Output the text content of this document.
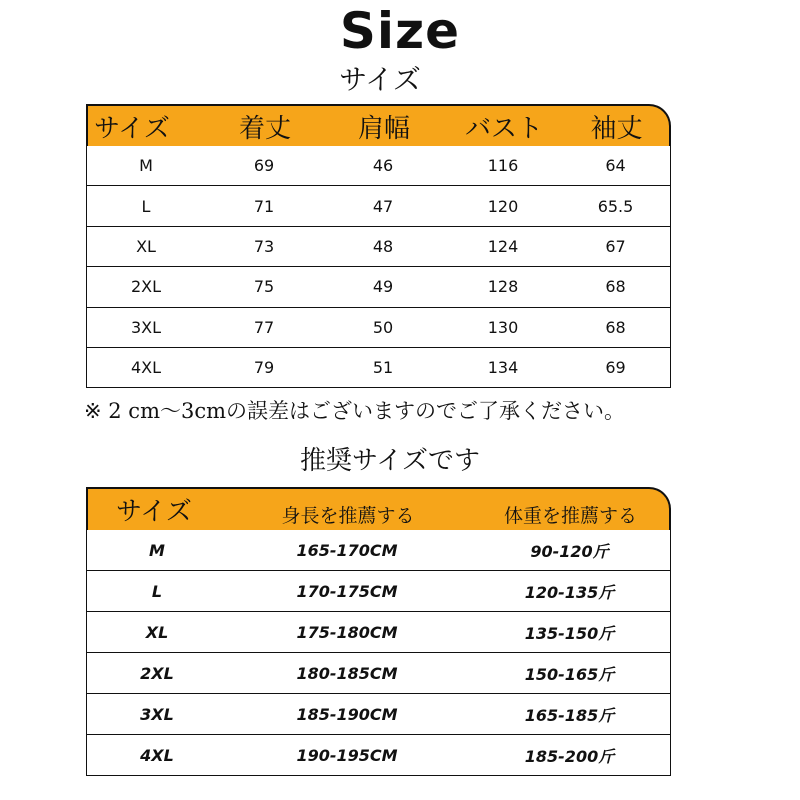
Size
サイズ
サイズ	着丈	肩幅	バスト	袖丈
M	69	46	116	64
L	71	47	120	65.5
XL	73	48	124	67
2XL	75	49	128	68
3XL	77	50	130	68
4XL	79	51	134	69
※ 2 cm〜3cmの誤差はございますのでご了承ください。
推奨サイズです
サイズ	身長を推薦する	体重を推薦する
M	165-170CM	90-120斤
L	170-175CM	120-135斤
XL	175-180CM	135-150斤
2XL	180-185CM	150-165斤
3XL	185-190CM	165-185斤
4XL	190-195CM	185-200斤
